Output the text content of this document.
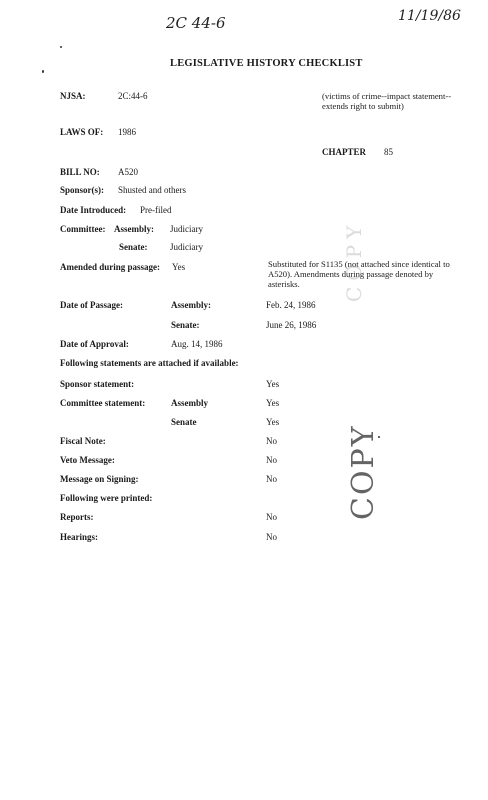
2C 44-6	11/19/86
LEGISLATIVE HISTORY CHECKLIST
NJSA:	2C:44-6	(victims of crime--impact statement--extends right to submit)
LAWS OF: 1986
CHAPTER 85
BILL NO: A520
Sponsor(s): Shusted and others
Date Introduced: Pre-filed
Committee: Assembly: Judiciary
Senate:	Judiciary
Amended during passage: Yes	Substituted for S1135 (not attached since identical to A520). Amendments during passage denoted by asterisks.
Date of Passage:	Assembly:	Feb. 24, 1986
Senate:	June 26, 1986
Date of Approval:	Aug. 14, 1986
Following statements are attached if available:
Sponsor statement:	Yes
Committee statement:	Assembly	Yes
Senate	Yes
Fiscal Note:	No
Veto Message:	No
Message on Signing:	No
Following were printed:
Reports:	No
Hearings:	No
COPY
COPY
